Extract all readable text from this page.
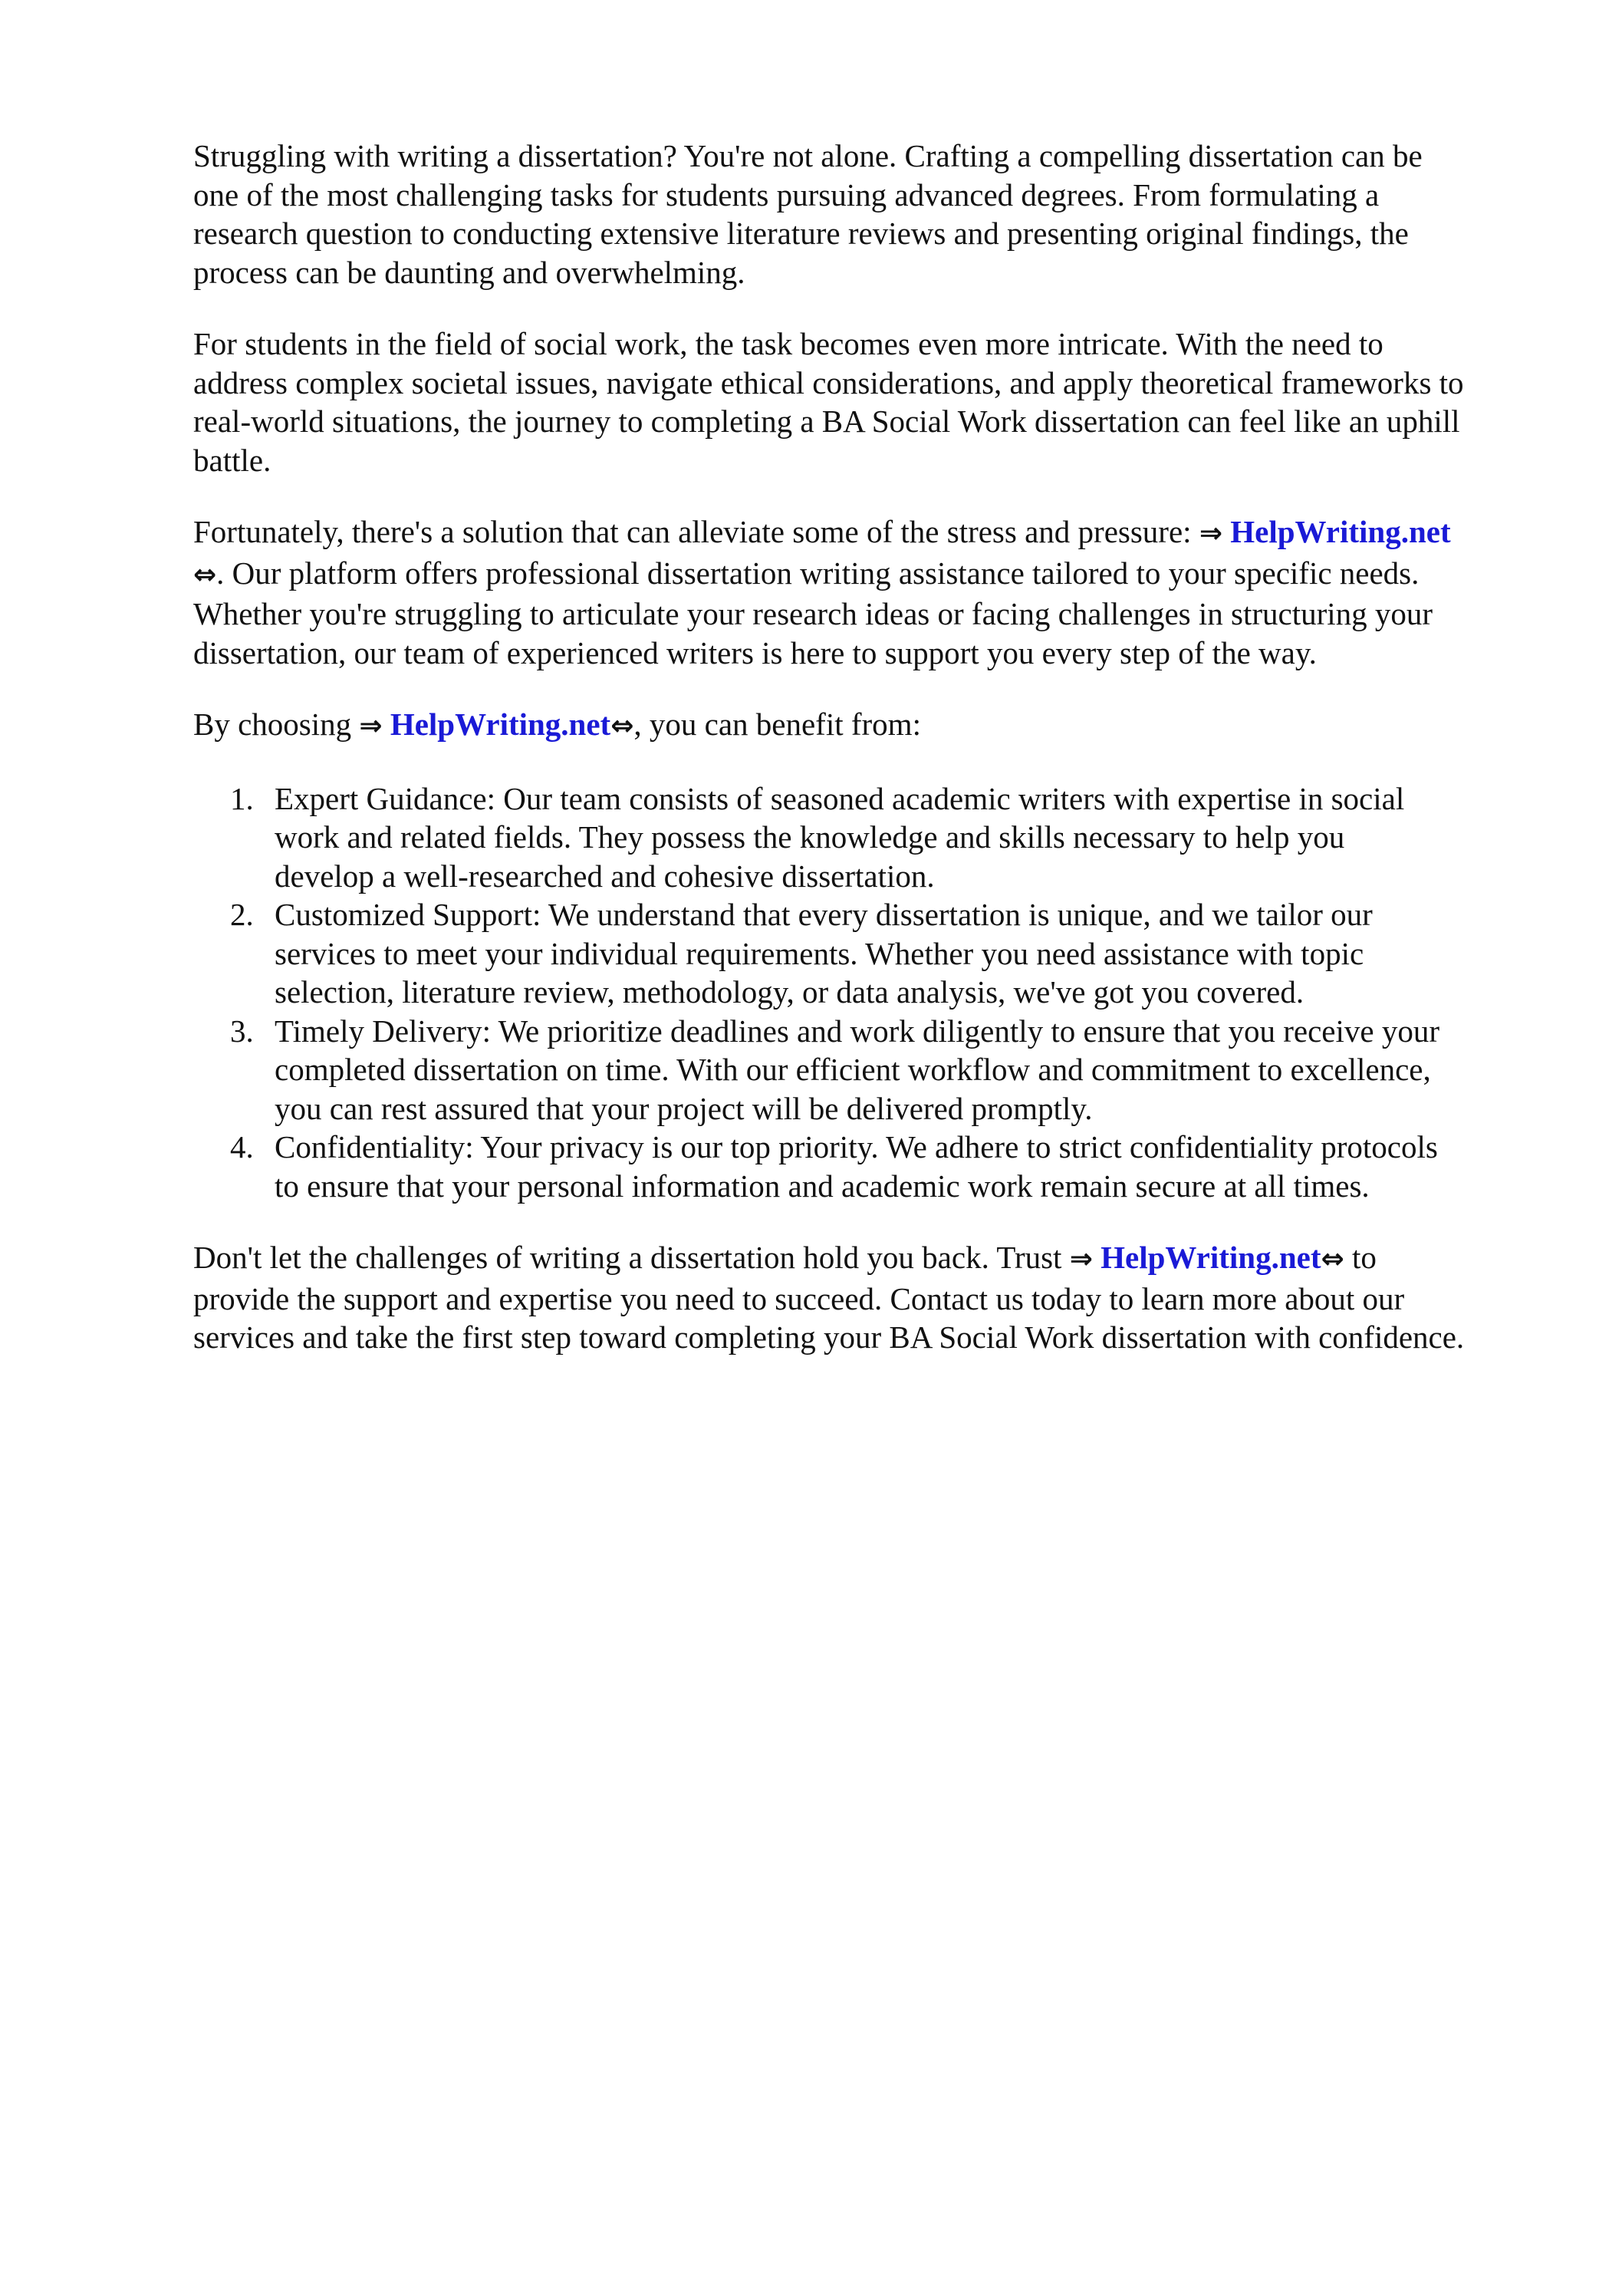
Struggling with writing a dissertation? You're not alone. Crafting a compelling dissertation can be
one of the most challenging tasks for students pursuing advanced degrees. From formulating a
research question to conducting extensive literature reviews and presenting original findings, the
process can be daunting and overwhelming.

For students in the field of social work, the task becomes even more intricate. With the need to
address complex societal issues, navigate ethical considerations, and apply theoretical frameworks to
real-world situations, the journey to completing a BA Social Work dissertation can feel like an uphill
battle.

Fortunately, there's a solution that can alleviate some of the stress and pressure: ⇒ HelpWriting.net
⇔. Our platform offers professional dissertation writing assistance tailored to your specific needs.
Whether you're struggling to articulate your research ideas or facing challenges in structuring your
dissertation, our team of experienced writers is here to support you every step of the way.

By choosing ⇒ HelpWriting.net⇔, you can benefit from:

1. Expert Guidance: Our team consists of seasoned academic writers with expertise in social
work and related fields. They possess the knowledge and skills necessary to help you
develop a well-researched and cohesive dissertation.
2. Customized Support: We understand that every dissertation is unique, and we tailor our
services to meet your individual requirements. Whether you need assistance with topic
selection, literature review, methodology, or data analysis, we've got you covered.
3. Timely Delivery: We prioritize deadlines and work diligently to ensure that you receive your
completed dissertation on time. With our efficient workflow and commitment to excellence,
you can rest assured that your project will be delivered promptly.
4. Confidentiality: Your privacy is our top priority. We adhere to strict confidentiality protocols
to ensure that your personal information and academic work remain secure at all times.

Don't let the challenges of writing a dissertation hold you back. Trust ⇒ HelpWriting.net⇔ to
provide the support and expertise you need to succeed. Contact us today to learn more about our
services and take the first step toward completing your BA Social Work dissertation with confidence.
